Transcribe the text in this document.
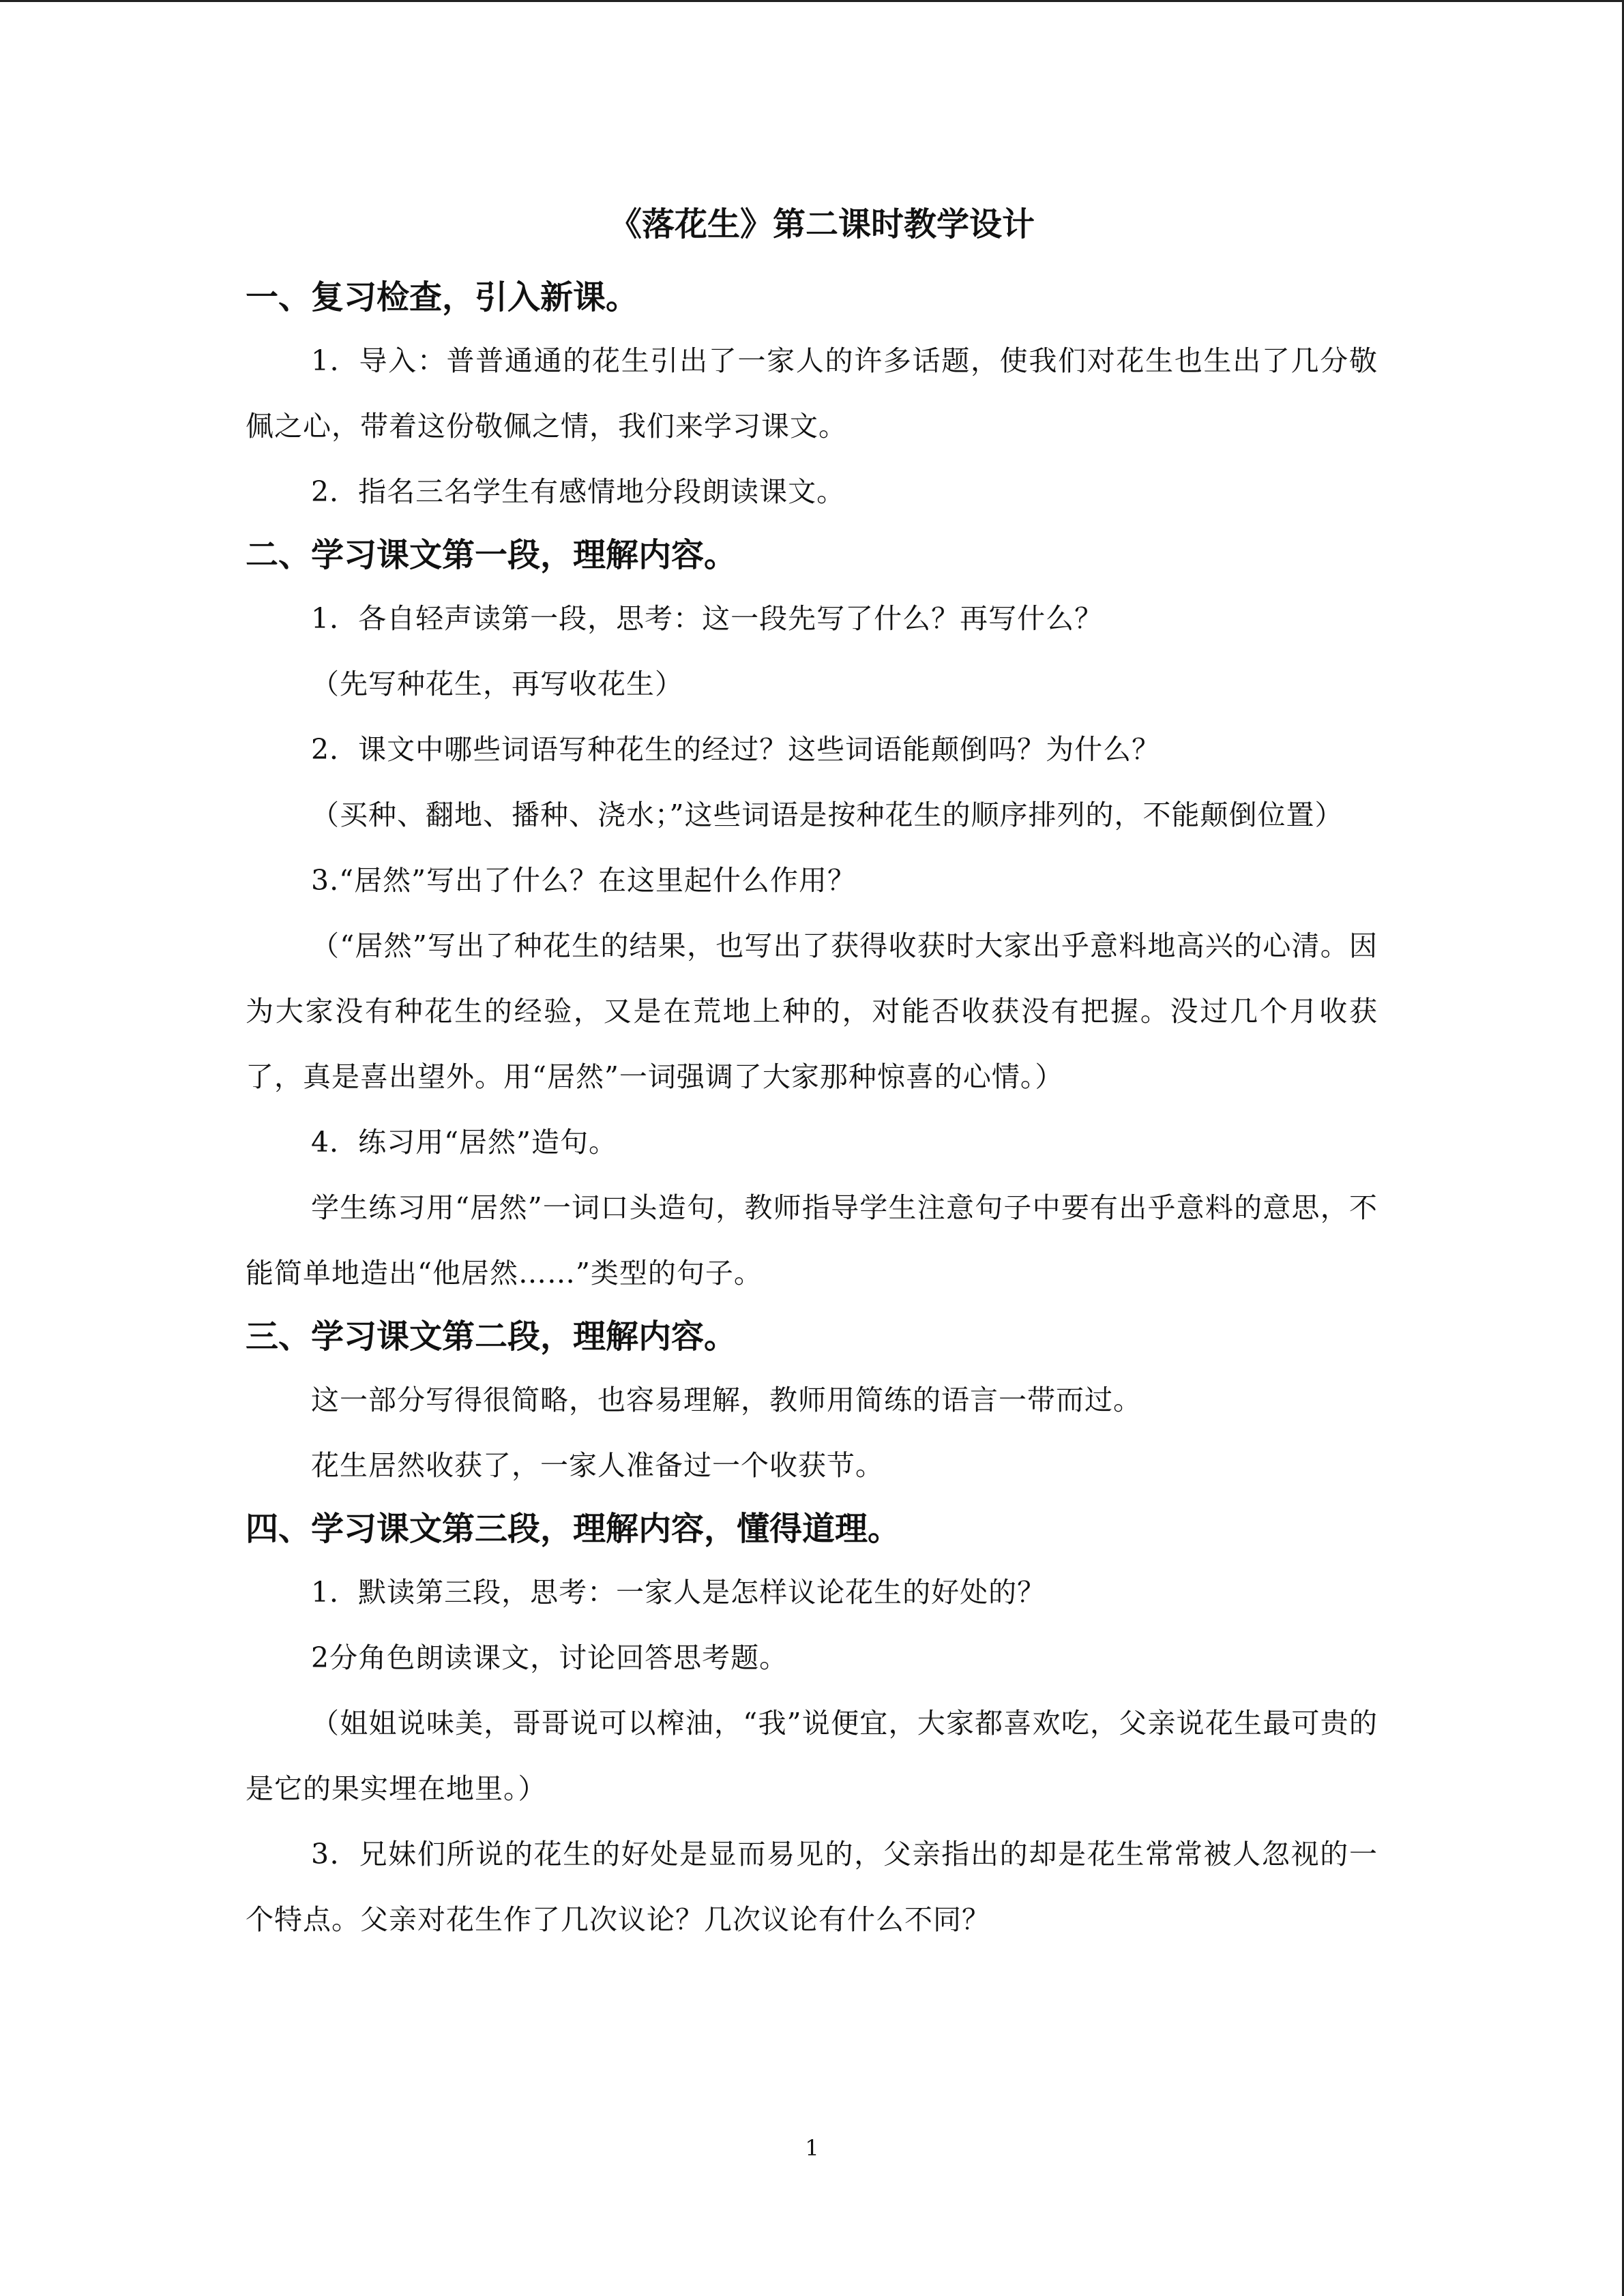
《落花生》第二课时教学设计
一、复习检查，引入新课。

1．导入：普普通通的花生引出了一家人的许多话题，使我们对花生也生出了几分敬佩之心，带着这份敬佩之情，我们来学习课文。

2．指名三名学生有感情地分段朗读课文。

二、学习课文第一段，理解内容。

1．各自轻声读第一段，思考：这一段先写了什么？再写什么？

（先写种花生，再写收花生）

2．课文中哪些词语写种花生的经过？这些词语能颠倒吗？为什么？

（买种、翻地、播种、浇水；”这些词语是按种花生的顺序排列的，不能颠倒位置）

3.“居然”写出了什么？在这里起什么作用？

（“居然”写出了种花生的结果，也写出了获得收获时大家出乎意料地高兴的心清。因为大家没有种花生的经验，又是在荒地上种的，对能否收获没有把握。没过几个月收获了，真是喜出望外。用“居然”一词强调了大家那种惊喜的心情。）

4．练习用“居然”造句。

学生练习用“居然”一词口头造句，教师指导学生注意句子中要有出乎意料的意思，不能简单地造出“他居然……”类型的句子。

三、学习课文第二段，理解内容。

这一部分写得很简略，也容易理解，教师用简练的语言一带而过。

花生居然收获了，一家人准备过一个收获节。

四、学习课文第三段，理解内容，懂得道理。

1．默读第三段，思考：一家人是怎样议论花生的好处的？

2分角色朗读课文，讨论回答思考题。

（姐姐说味美，哥哥说可以榨油，“我”说便宜，大家都喜欢吃，父亲说花生最可贵的是它的果实埋在地里。）

3．兄妹们所说的花生的好处是显而易见的，父亲指出的却是花生常常被人忽视的一个特点。父亲对花生作了几次议论？几次议论有什么不同？

1
